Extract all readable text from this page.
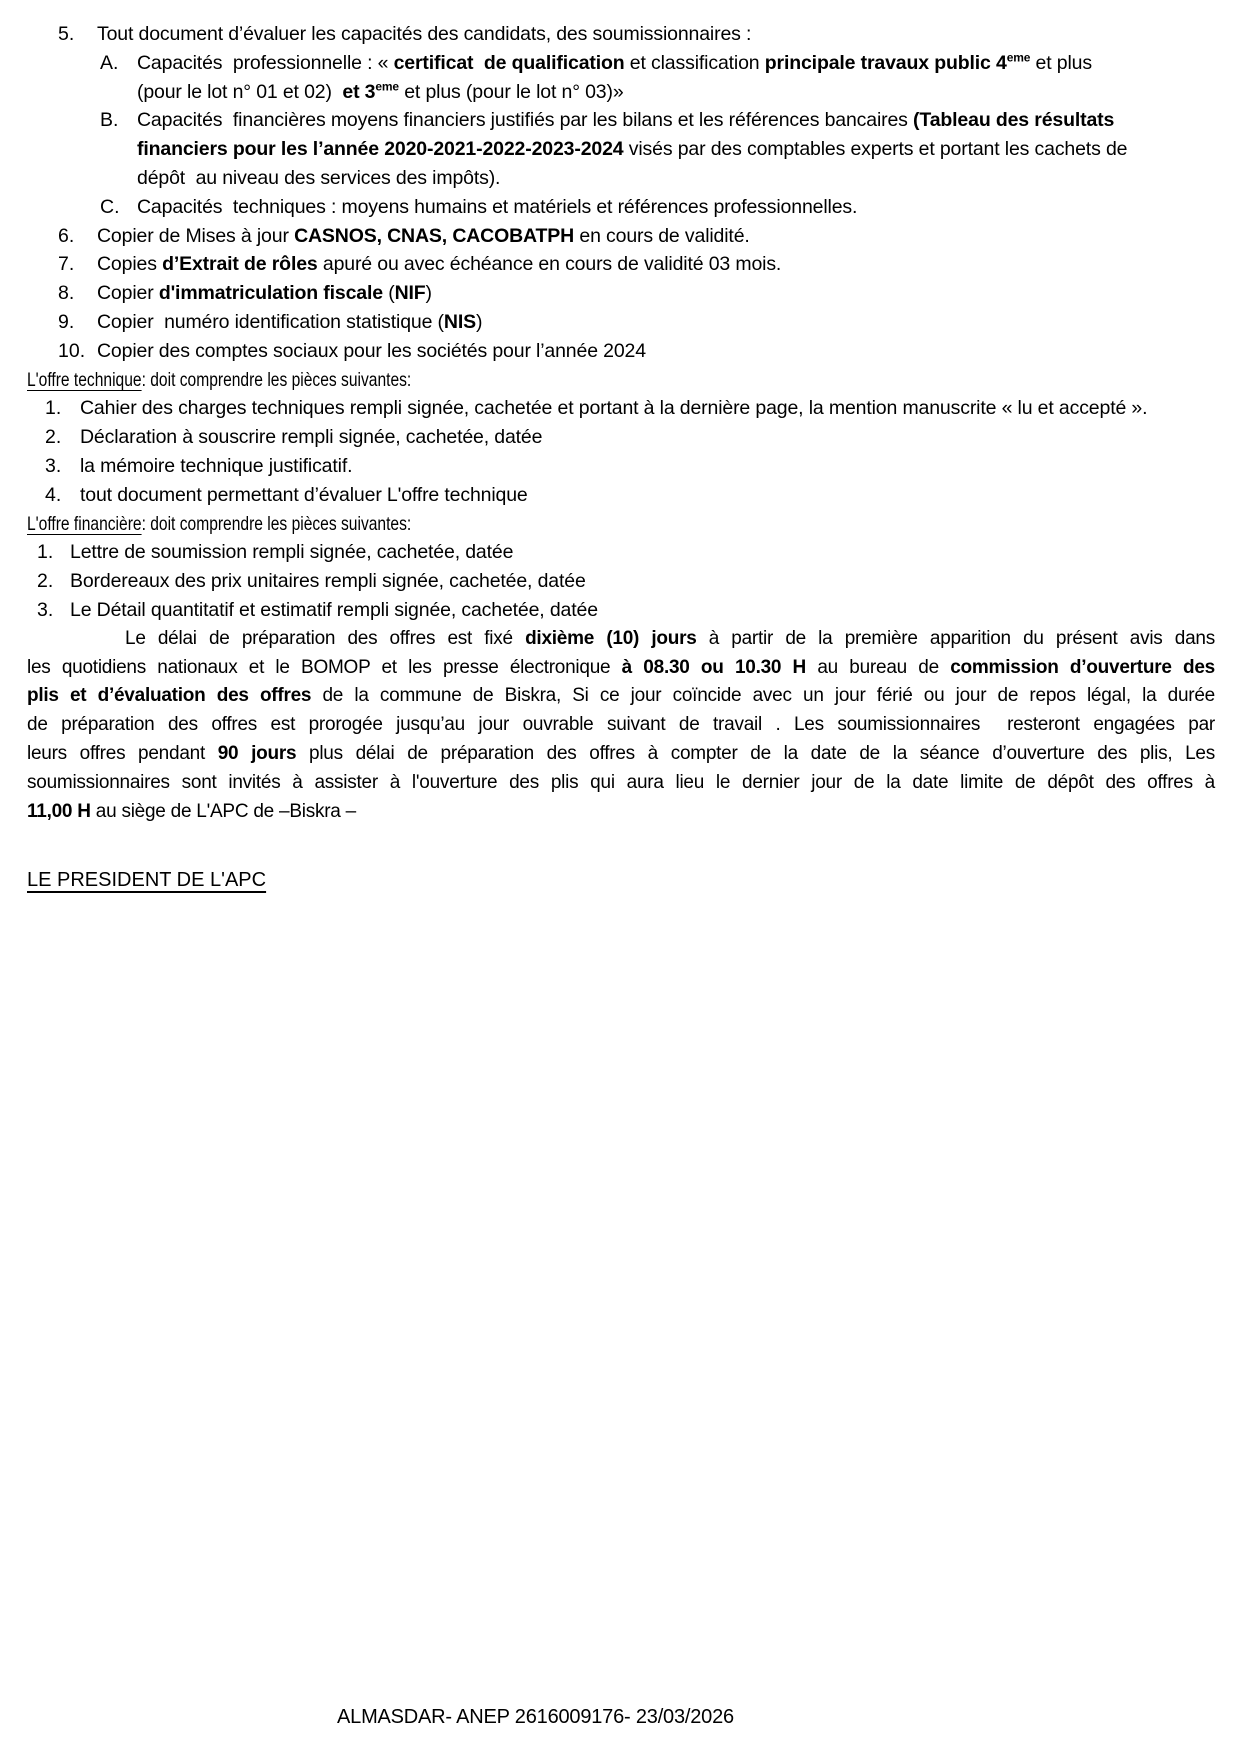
5.	Tout document d’évaluer les capacités des candidats, des soumissionnaires :
A. Capacités  professionnelle : « certificat  de qualification et classification principale travaux public 4eme et plus
(pour le lot n° 01 et 02)  et 3eme et plus (pour le lot n° 03)»
B. Capacités  financières moyens financiers justifiés par les bilans et les références bancaires (Tableau des résultats
financiers pour les l’année 2020-2021-2022-2023-2024 visés par des comptables experts et portant les cachets de
dépôt  au niveau des services des impôts).
C. Capacités  techniques : moyens humains et matériels et références professionnelles.
6.	Copier de Mises à jour CASNOS, CNAS, CACOBATPH en cours de validité.
7.	Copies d’Extrait de rôles apuré ou avec échéance en cours de validité 03 mois.
8.	Copier d'immatriculation fiscale (NIF)
9.	Copier  numéro identification statistique (NIS)
10. Copier des comptes sociaux pour les sociétés pour l’année 2024
L'offre technique: doit comprendre les pièces suivantes:
1. Cahier des charges techniques rempli signée, cachetée et portant à la dernière page, la mention manuscrite « lu et accepté ».
2. Déclaration à souscrire rempli signée, cachetée, datée
3. la mémoire technique justificatif.
4. tout document permettant d’évaluer L'offre technique
L'offre financière: doit comprendre les pièces suivantes:
1. Lettre de soumission rempli signée, cachetée, datée
2. Bordereaux des prix unitaires rempli signée, cachetée, datée
3. Le Détail quantitatif et estimatif rempli signée, cachetée, datée
Le délai de préparation des offres est fixé dixième (10) jours à partir de la première apparition du présent avis dans
les quotidiens nationaux et le BOMOP et les presse électronique à 08.30 ou 10.30 H au bureau de commission d’ouverture des
plis et d’évaluation des offres de la commune de Biskra, Si ce jour coïncide avec un jour férié ou jour de repos légal, la durée
de préparation des offres est prorogée jusqu’au jour ouvrable suivant de travail . Les soumissionnaires  resteront engagées par
leurs offres pendant 90 jours plus délai de préparation des offres à compter de la date de la séance d’ouverture des plis, Les
soumissionnaires sont invités à assister à l'ouverture des plis qui aura lieu le dernier jour de la date limite de dépôt des offres à
11,00 H au siège de L'APC de –Biskra –
LE PRESIDENT DE L'APC
ALMASDAR- ANEP 2616009176- 23/03/2026
